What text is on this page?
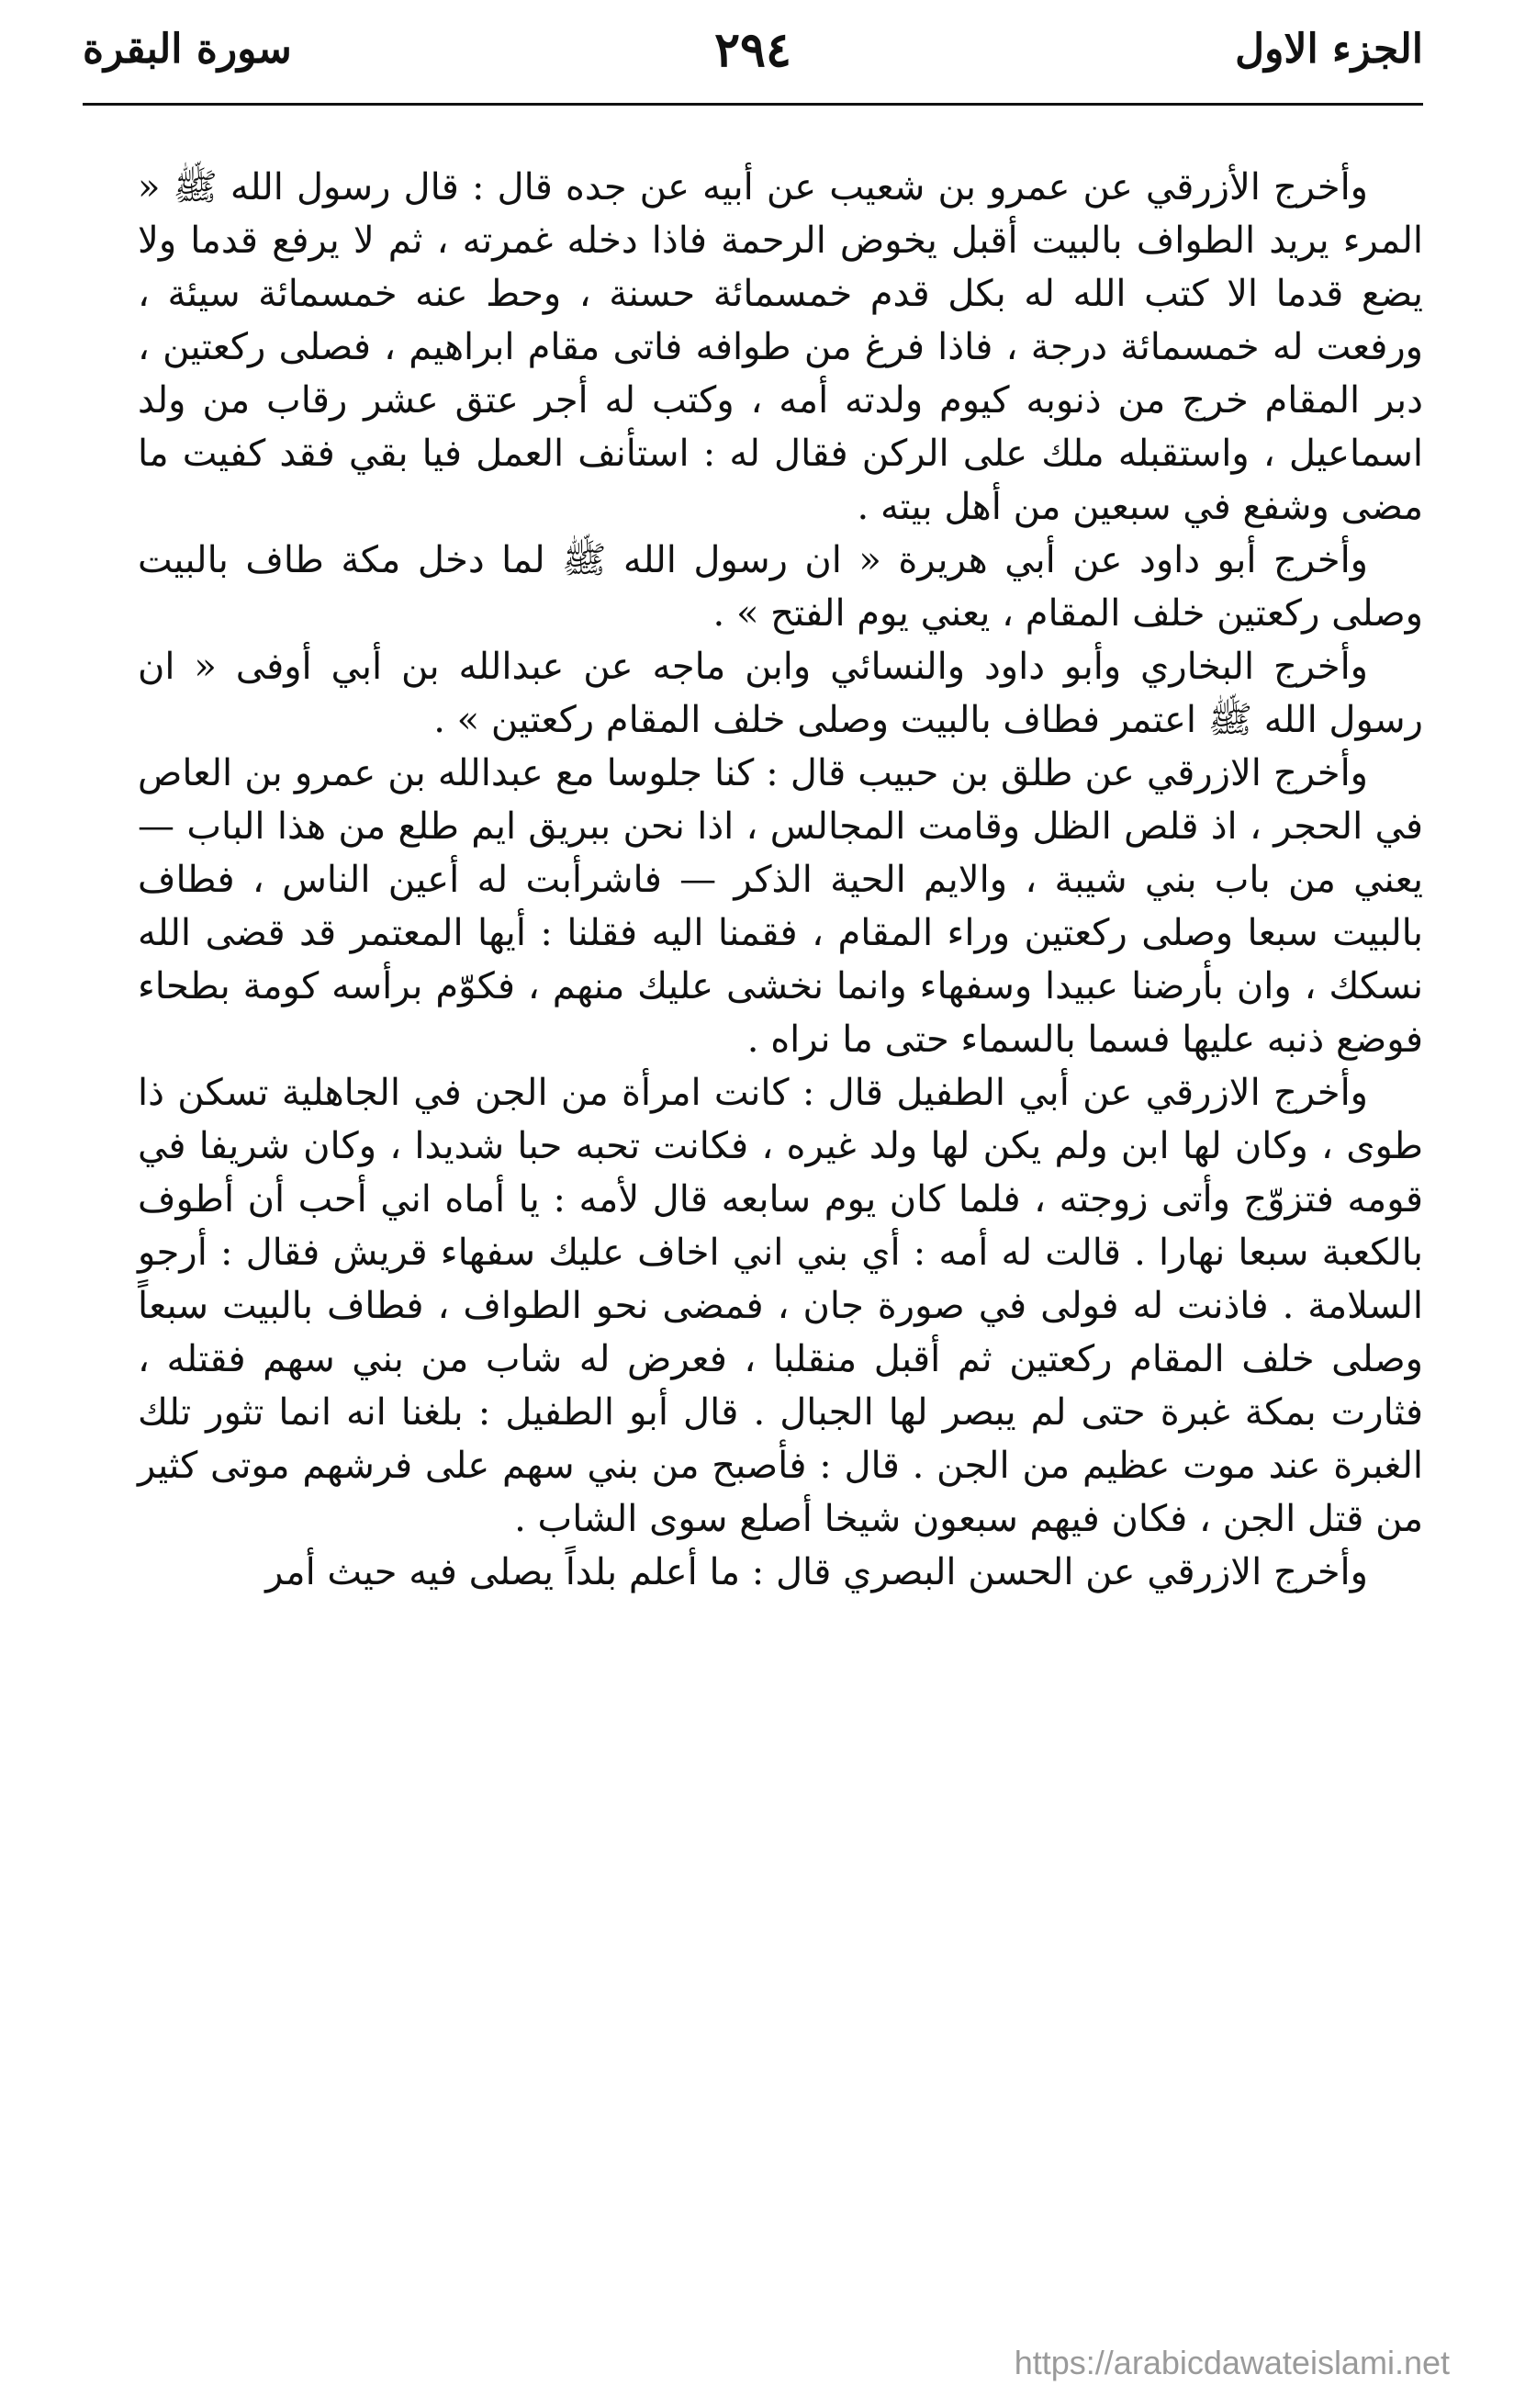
الجزء الاول
٢٩٤
سورة البقرة

وأخرج الأزرقي عن عمرو بن شعيب عن أبيه عن جده قال : قال رسول الله ﷺ « المرء يريد الطواف بالبيت أقبل يخوض الرحمة فاذا دخله غمرته ، ثم لا يرفع قدما ولا يضع قدما الا كتب الله له بكل قدم خمسمائة حسنة ، وحط عنه خمسمائة سيئة ، ورفعت له خمسمائة درجة ، فاذا فرغ من طوافه فاتى مقام ابراهيم ، فصلى ركعتين ، دبر المقام خرج من ذنوبه كيوم ولدته أمه ، وكتب له أجر عتق عشر رقاب من ولد اسماعيل ، واستقبله ملك على الركن فقال له : استأنف العمل فيا بقي فقد كفيت ما مضى وشفع في سبعين من أهل بيته .

وأخرج أبو داود عن أبي هريرة « ان رسول الله ﷺ لما دخل مكة طاف بالبيت وصلى ركعتين خلف المقام ، يعني يوم الفتح » .

وأخرج البخاري وأبو داود والنسائي وابن ماجه عن عبدالله بن أبي أوفى « ان رسول الله ﷺ اعتمر فطاف بالبيت وصلى خلف المقام ركعتين » .

وأخرج الازرقي عن طلق بن حبيب قال : كنا جلوسا مع عبدالله بن عمرو بن العاص في الحجر ، اذ قلص الظل وقامت المجالس ، اذا نحن ببريق ايم طلع من هذا الباب — يعني من باب بني شيبة ، والايم الحية الذكر — فاشرأبت له أعين الناس ، فطاف بالبيت سبعا وصلى ركعتين وراء المقام ، فقمنا اليه فقلنا : أيها المعتمر قد قضى الله نسكك ، وان بأرضنا عبيدا وسفهاء وانما نخشى عليك منهم ، فكوّم برأسه كومة بطحاء فوضع ذنبه عليها فسما بالسماء حتى ما نراه .

وأخرج الازرقي عن أبي الطفيل قال : كانت امرأة من الجن في الجاهلية تسكن ذا طوى ، وكان لها ابن ولم يكن لها ولد غيره ، فكانت تحبه حبا شديدا ، وكان شريفا في قومه فتزوّج وأتى زوجته ، فلما كان يوم سابعه قال لأمه : يا أماه اني أحب أن أطوف بالكعبة سبعا نهارا . قالت له أمه : أي بني اني اخاف عليك سفهاء قريش فقال : أرجو السلامة . فاذنت له فولى في صورة جان ، فمضى نحو الطواف ، فطاف بالبيت سبعاً وصلى خلف المقام ركعتين ثم أقبل منقلبا ، فعرض له شاب من بني سهم فقتله ، فثارت بمكة غبرة حتى لم يبصر لها الجبال . قال أبو الطفيل : بلغنا انه انما تثور تلك الغبرة عند موت عظيم من الجن . قال : فأصبح من بني سهم على فرشهم موتى كثير من قتل الجن ، فكان فيهم سبعون شيخا أصلع سوى الشاب .

وأخرج الازرقي عن الحسن البصري قال : ما أعلم بلداً يصلى فيه حيث أمر

https://arabicdawateislami.net
